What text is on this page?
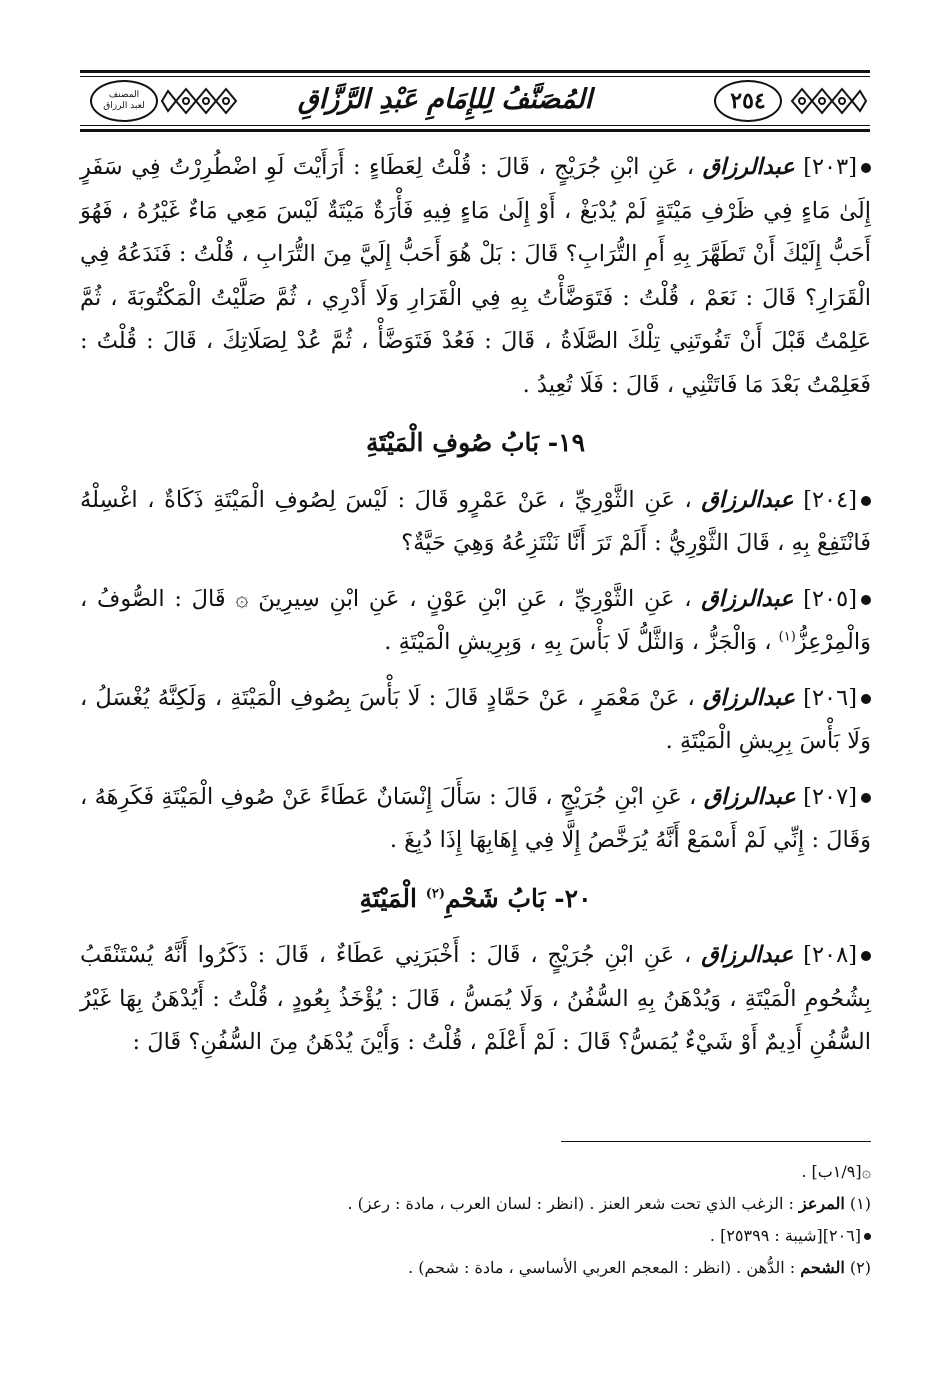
٢٥٤
المُصَنَّفُ لِلإِمَامِ عَبْدِ الرَّزَّاقِ
المصنف
لعبد الرزاق

[٢٠٣] عبدالرزاق ، عَنِ ابْنِ جُرَيْجٍ ، قَالَ : قُلْتُ لِعَطَاءٍ : أَرَأَيْتَ لَوِ اضْطُرِرْتُ فِي سَفَرٍ إِلَىٰ مَاءٍ فِي ظَرْفِ مَيْتَةٍ لَمْ يُدْبَغْ ، أَوْ إِلَىٰ مَاءٍ فِيهِ فَأْرَةٌ مَيْتَةٌ لَيْسَ مَعِي مَاءٌ غَيْرُهُ ، فَهُوَ أَحَبُّ إِلَيْكَ أَنْ تَطَهَّرَ بِهِ أَمِ التُّرَابِ؟ قَالَ : بَلْ هُوَ أَحَبُّ إِلَيَّ مِنَ التُّرَابِ ، قُلْتُ : فَنَدَعُهُ فِي الْقَرَارِ؟ قَالَ : نَعَمْ ، قُلْتُ : فَتَوَضَّأْتُ بِهِ فِي الْقَرَارِ وَلَا أَدْرِي ، ثُمَّ صَلَّيْتُ الْمَكْتُوبَةَ ، ثُمَّ عَلِمْتُ قَبْلَ أَنْ تَفُوتَنِي تِلْكَ الصَّلَاةُ ، قَالَ : فَعُدْ فَتَوَضَّأْ ، ثُمَّ عُدْ لِصَلَاتِكَ ، قَالَ : قُلْتُ : فَعَلِمْتُ بَعْدَ مَا فَاتَتْنِي ، قَالَ : فَلَا تُعِيدُ .

١٩- بَابُ صُوفِ الْمَيْتَةِ

[٢٠٤] عبدالرزاق ، عَنِ الثَّوْرِيِّ ، عَنْ عَمْرٍو قَالَ : لَيْسَ لِصُوفِ الْمَيْتَةِ ذَكَاةٌ ، اغْسِلْهُ فَانْتَفِعْ بِهِ ، قَالَ الثَّوْرِيُّ : أَلَمْ تَرَ أَنَّا نَنْتَزِعُهُ وَهِيَ حَيَّةٌ؟

[٢٠٥] عبدالرزاق ، عَنِ الثَّوْرِيِّ ، عَنِ ابْنِ عَوْنٍ ، عَنِ ابْنِ سِيرِينَ ۞ قَالَ : الصُّوفُ ، وَالْمِرْعِزُّ$^{(١)}$ ، وَالْجَزُّ ، وَالثَّلُّ لَا بَأْسَ بِهِ ، وَبِرِيشِ الْمَيْتَةِ .

[٢٠٦] عبدالرزاق ، عَنْ مَعْمَرٍ ، عَنْ حَمَّادٍ قَالَ : لَا بَأْسَ بِصُوفِ الْمَيْتَةِ ، وَلَكِنَّهُ يُغْسَلُ ، وَلَا بَأْسَ بِرِيشِ الْمَيْتَةِ .

[٢٠٧] عبدالرزاق ، عَنِ ابْنِ جُرَيْجٍ ، قَالَ : سَأَلَ إِنْسَانٌ عَطَاءً عَنْ صُوفِ الْمَيْتَةِ فَكَرِهَهُ ، وَقَالَ : إِنِّي لَمْ أَسْمَعْ أَنَّهُ يُرَخَّصُ إِلَّا فِي إِهَابِهَا إِذَا دُبِغَ .

٢٠- بَابُ شَحْمِ$^{(٢)}$ الْمَيْتَةِ

[٢٠٨] عبدالرزاق ، عَنِ ابْنِ جُرَيْجٍ ، قَالَ : أَخْبَرَنِي عَطَاءٌ ، قَالَ : ذَكَرُوا أَنَّهُ يُسْتَنْقَبُ بِشُحُومِ الْمَيْتَةِ ، وَيُدْهَنُ بِهِ السُّفُنُ ، وَلَا يُمَسُّ ، قَالَ : يُؤْخَذُ بِعُودٍ ، قُلْتُ : أَيُدْهَنُ بِهَا غَيْرُ السُّفُنِ أَدِيمٌ أَوْ شَيْءٌ يُمَسُّ؟ قَالَ : لَمْ أَعْلَمْ ، قُلْتُ : وَأَيْنَ يُدْهَنُ مِنَ السُّفُنِ؟ قَالَ :

۞[١/٩ب] .

(١) المرعز : الزغب الذي تحت شعر العنز . (انظر : لسان العرب ، مادة : رعز) .

[٢٠٦][شيبة : ٢٥٣٩٩] .

(٢) الشحم : الدُّهن . (انظر : المعجم العربي الأساسي ، مادة : شحم) .
